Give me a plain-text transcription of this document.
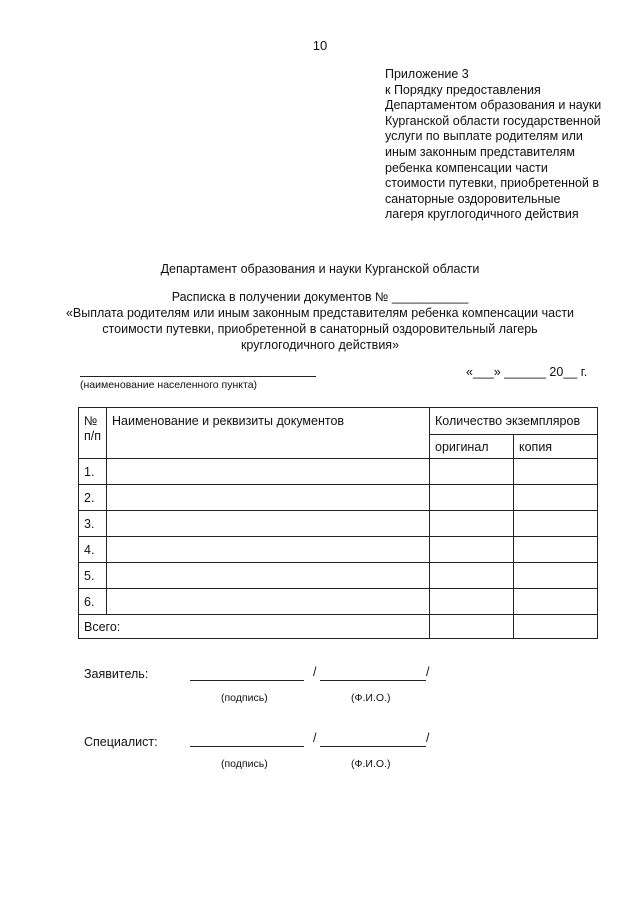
10
Приложение 3
к Порядку предоставления
Департаментом образования и науки
Курганской области государственной
услуги по выплате родителям или
иным законным представителям
ребенка компенсации части
стоимости путевки, приобретенной в
санаторные оздоровительные
лагеря круглогодичного действия
Департамент образования и науки Курганской области
Расписка в получении документов № ___________
«Выплата родителям или иным законным представителям ребенка компенсации части
стоимости путевки, приобретенной в санаторный оздоровительный лагерь
круглогодичного действия»
(наименование населенного пункта)
«___» ______ 20__ г.
№ п/п	Наименование и реквизиты документов	Количество экземпляров	
		оригинал	копия
1.			
2.			
3.			
4.			
5.			
6.			
Всего:			
Заявитель:	/	/
(подпись)	(Ф.И.О.)
Специалист:	/	/
(подпись)	(Ф.И.О.)
